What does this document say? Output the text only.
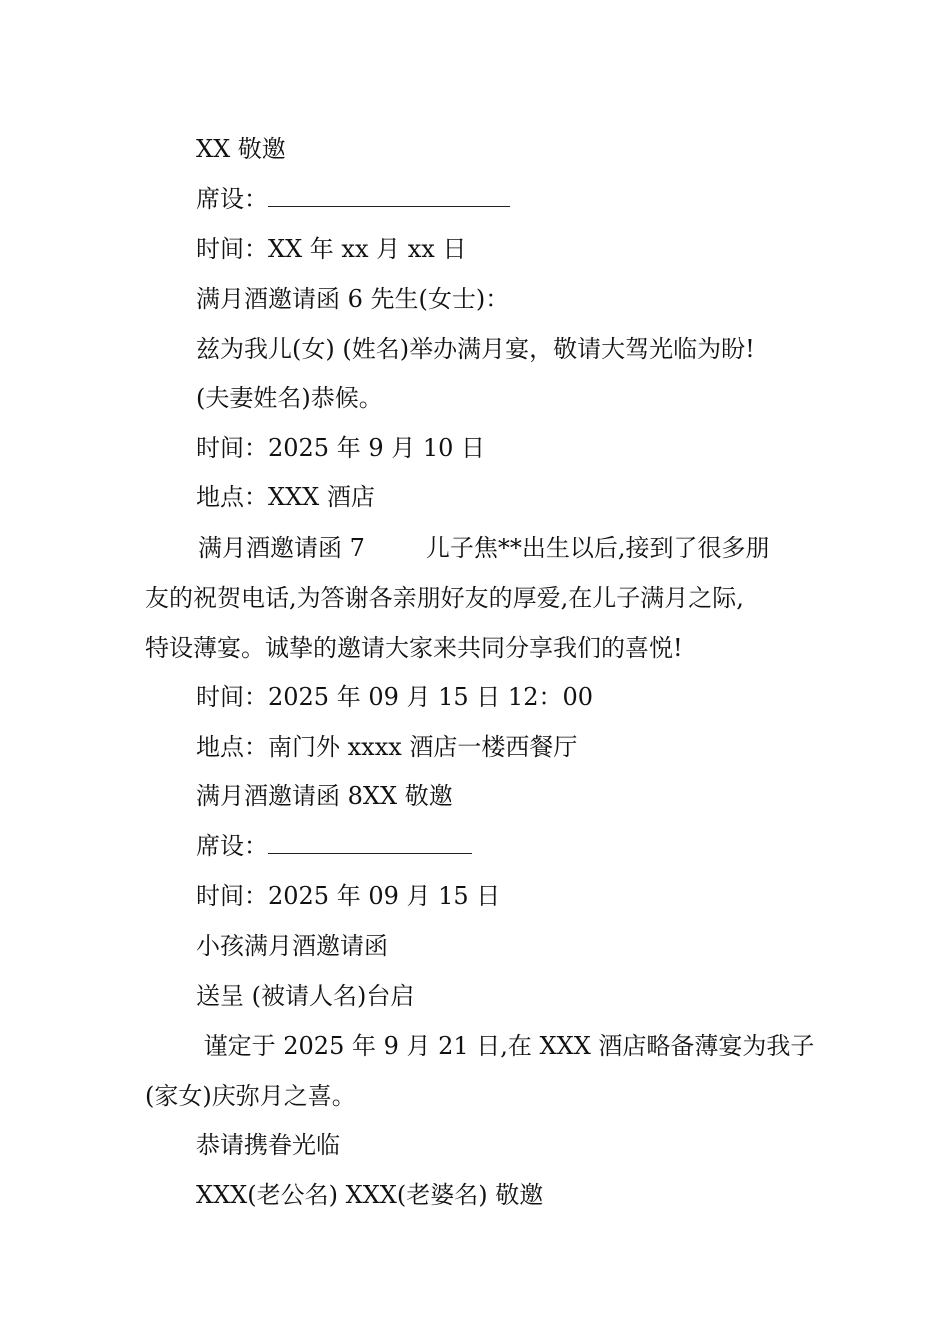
XX 敬邀
席设：
时间：XX 年 xx 月 xx 日
满月酒邀请函 6 先生(女士)：
兹为我儿(女) (姓名)举办满月宴，敬请大驾光临为盼!
(夫妻姓名)恭候。
时间：2025 年 9 月 10 日
地点：XXX 酒店
满月酒邀请函 7        儿子焦**出生以后,接到了很多朋
友的祝贺电话,为答谢各亲朋好友的厚爱,在儿子满月之际,
特设薄宴。诚挚的邀请大家来共同分享我们的喜悦!
时间：2025 年 09 月 15 日 12：00
地点：南门外 xxxx 酒店一楼西餐厅
满月酒邀请函 8XX 敬邀
席设：
时间：2025 年 09 月 15 日
小孩满月酒邀请函
送呈 (被请人名)台启
谨定于 2025 年 9 月 21 日,在 XXX 酒店略备薄宴为我子
(家女)庆弥月之喜。
恭请携眷光临
XXX(老公名) XXX(老婆名) 敬邀
